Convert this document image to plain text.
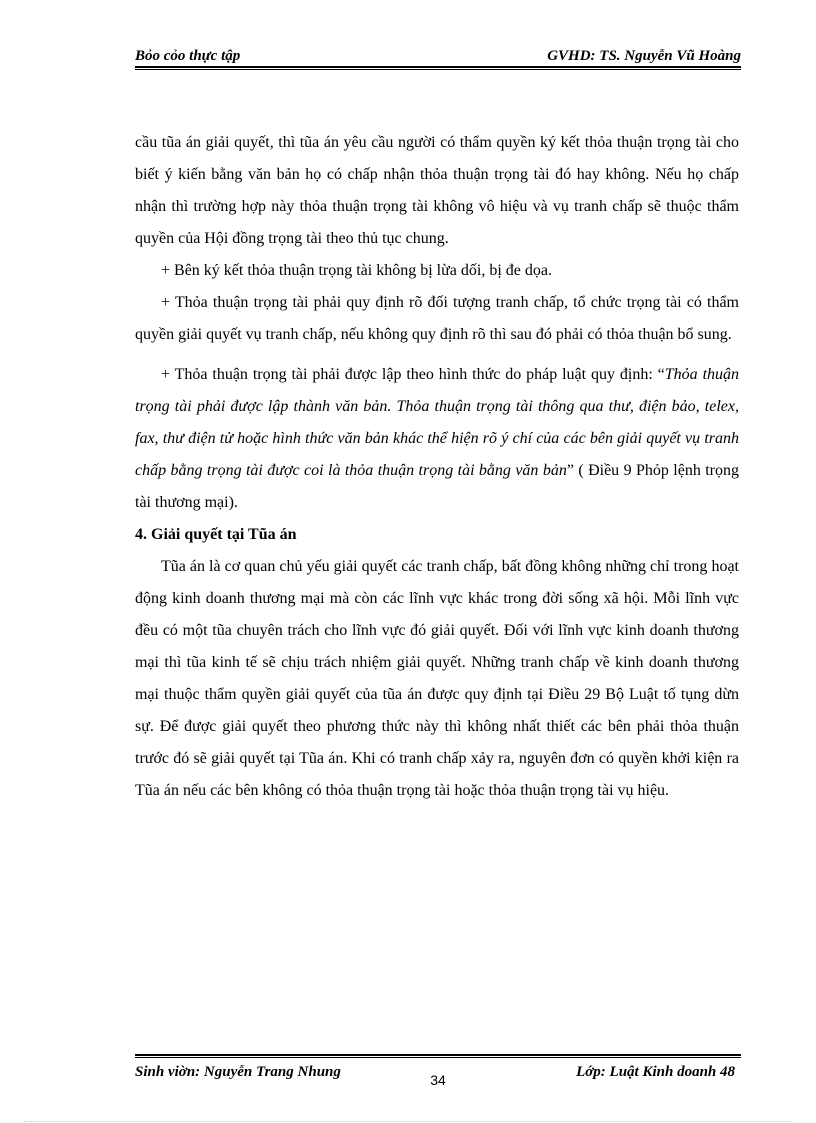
Bỏo cỏo thực tập	GVHD: TS. Nguyễn Vũ Hoàng

cầu tũa án giải quyết, thì tũa án yêu cầu người có thẩm quyền ký kết thỏa thuận trọng tài cho biết ý kiến bằng văn bản họ có chấp nhận thỏa thuận trọng tài đó hay không. Nếu họ chấp nhận thì trường hợp này thỏa thuận trọng tài không vô hiệu và vụ tranh chấp sẽ thuộc thẩm quyền của Hội đồng trọng tài theo thủ tục chung.

+ Bên ký kết thỏa thuận trọng tài không bị lừa dối, bị đe dọa.

+ Thỏa thuận trọng tài phải quy định rõ đối tượng tranh chấp, tổ chức trọng tài có thẩm quyền giải quyết vụ tranh chấp, nếu không quy định rõ thì sau đó phải có thỏa thuận bổ sung.

+ Thỏa thuận trọng tài phải được lập theo hình thức do pháp luật quy định: “Thỏa thuận trọng tài phải được lập thành văn bản. Thỏa thuận trọng tài thông qua thư, điện bảo, telex, fax, thư điện tử hoặc hình thức văn bản khác thể hiện rõ ý chí của các bên giải quyết vụ tranh chấp bằng trọng tài được coi là thỏa thuận trọng tài bằng văn bản” ( Điều 9 Phỏp lệnh trọng tài thương mại).

4. Giải quyết tại Tũa án

Tũa án là cơ quan chủ yếu giải quyết các tranh chấp, bất đồng không những chỉ trong hoạt động kinh doanh thương mại mà còn các lĩnh vực khác trong đời sống xã hội. Mỗi lĩnh vực đều có một tũa chuyên trách cho lĩnh vực đó giải quyết. Đối với lĩnh vực kinh doanh thương mại thì tũa kinh tế sẽ chịu trách nhiệm giải quyết. Những tranh chấp về kinh doanh thương mại thuộc thẩm quyền giải quyết của tũa án được quy định tại Điều 29 Bộ Luật tố tụng dừn sự. Để được giải quyết theo phương thức này thì không nhất thiết các bên phải thỏa thuận trước đó sẽ giải quyết tại Tũa án. Khi có tranh chấp xảy ra, nguyên đơn có quyền khởi kiện ra Tũa án nếu các bên không có thỏa thuận trọng tài hoặc thỏa thuận trọng tài vụ hiệu.

Sinh viờn: Nguyễn Trang Nhung	34	Lớp: Luật Kinh doanh 48
